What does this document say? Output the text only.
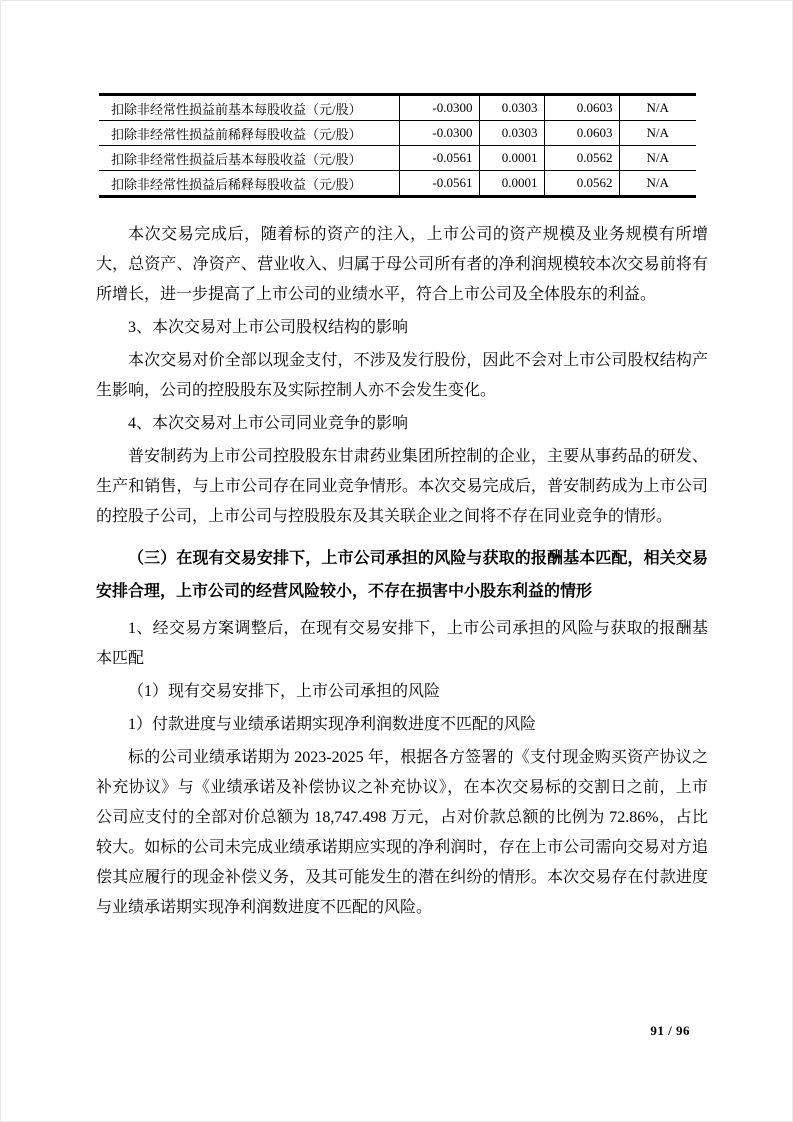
扣除非经常性损益前基本每股收益（元/股）	-0.0300	0.0303	0.0603	N/A
扣除非经常性损益前稀释每股收益（元/股）	-0.0300	0.0303	0.0603	N/A
扣除非经常性损益后基本每股收益（元/股）	-0.0561	0.0001	0.0562	N/A
扣除非经常性损益后稀释每股收益（元/股）	-0.0561	0.0001	0.0562	N/A

本次交易完成后，随着标的资产的注入，上市公司的资产规模及业务规模有所增大，总资产、净资产、营业收入、归属于母公司所有者的净利润规模较本次交易前将有所增长，进一步提高了上市公司的业绩水平，符合上市公司及全体股东的利益。

3、本次交易对上市公司股权结构的影响

本次交易对价全部以现金支付，不涉及发行股份，因此不会对上市公司股权结构产生影响，公司的控股股东及实际控制人亦不会发生变化。

4、本次交易对上市公司同业竞争的影响

普安制药为上市公司控股股东甘肃药业集团所控制的企业，主要从事药品的研发、生产和销售，与上市公司存在同业竞争情形。本次交易完成后，普安制药成为上市公司的控股子公司，上市公司与控股股东及其关联企业之间将不存在同业竞争的情形。

（三）在现有交易安排下，上市公司承担的风险与获取的报酬基本匹配，相关交易安排合理，上市公司的经营风险较小，不存在损害中小股东利益的情形

1、经交易方案调整后，在现有交易安排下，上市公司承担的风险与获取的报酬基本匹配

（1）现有交易安排下，上市公司承担的风险

1）付款进度与业绩承诺期实现净利润数进度不匹配的风险

标的公司业绩承诺期为 2023-2025 年，根据各方签署的《支付现金购买资产协议之补充协议》与《业绩承诺及补偿协议之补充协议》，在本次交易标的交割日之前，上市公司应支付的全部对价总额为 18,747.498 万元，占对价款总额的比例为 72.86%，占比较大。如标的公司未完成业绩承诺期应实现的净利润时，存在上市公司需向交易对方追偿其应履行的现金补偿义务，及其可能发生的潜在纠纷的情形。本次交易存在付款进度与业绩承诺期实现净利润数进度不匹配的风险。

91 / 96
